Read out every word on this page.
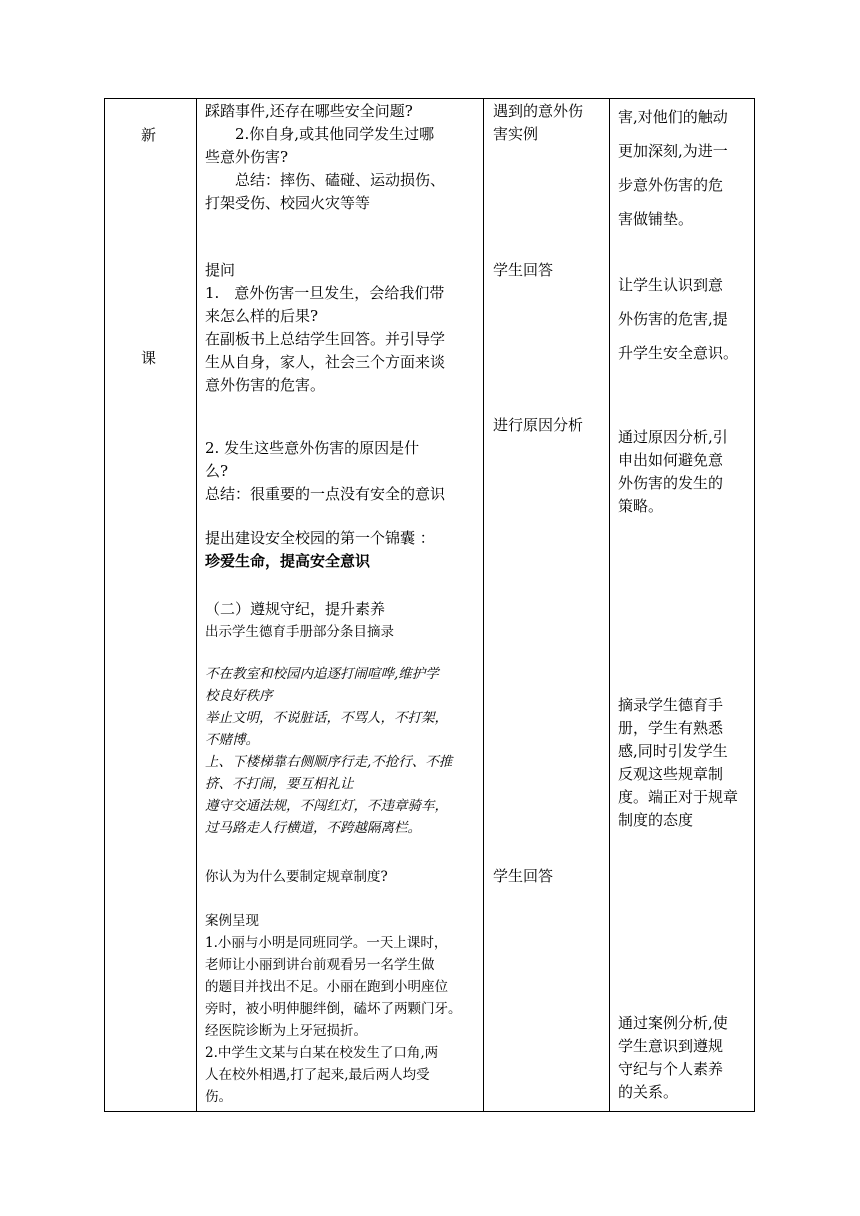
新
课
踩踏事件,还存在哪些安全问题?
　　2.你自身,或其他同学发生过哪
些意外伤害?
　　总结：摔伤、磕碰、运动损伤、
打架受伤、校园火灾等等
提问
1.　意外伤害一旦发生，会给我们带
来怎么样的后果?
在副板书上总结学生回答。并引导学
生从自身，家人，社会三个方面来谈
意外伤害的危害。
2. 发生这些意外伤害的原因是什
么?
总结：很重要的一点没有安全的意识
提出建设安全校园的第一个锦囊 ：
珍爱生命，提高安全意识
（二）遵规守纪，提升素养
出示学生德育手册部分条目摘录
不在教室和校园内追逐打闹喧哗,维护学
校良好秩序
举止文明，不说脏话，不骂人，不打架，
不赌博。
上、下楼梯靠右侧顺序行走,不抢行、不推
挤、不打闹，要互相礼让
遵守交通法规，不闯红灯，不违章骑车，
过马路走人行横道，不跨越隔离栏。
你认为为什么要制定规章制度?
案例呈现
1.小丽与小明是同班同学。一天上课时，
老师让小丽到讲台前观看另一名学生做
的题目并找出不足。小丽在跑到小明座位
旁时，被小明伸腿绊倒，磕坏了两颗门牙。
经医院诊断为上牙冠损折。
2.中学生文某与白某在校发生了口角,两
人在校外相遇,打了起来,最后两人均受
伤。
遇到的意外伤
害实例
学生回答
进行原因分析
学生回答
害,对他们的触动
更加深刻,为进一
步意外伤害的危
害做铺垫。
让学生认识到意
外伤害的危害,提
升学生安全意识。
通过原因分析,引
申出如何避免意
外伤害的发生的
策略。
摘录学生德育手
册，学生有熟悉
感,同时引发学生
反观这些规章制
度。端正对于规章
制度的态度
通过案例分析,使
学生意识到遵规
守纪与个人素养
的关系。
